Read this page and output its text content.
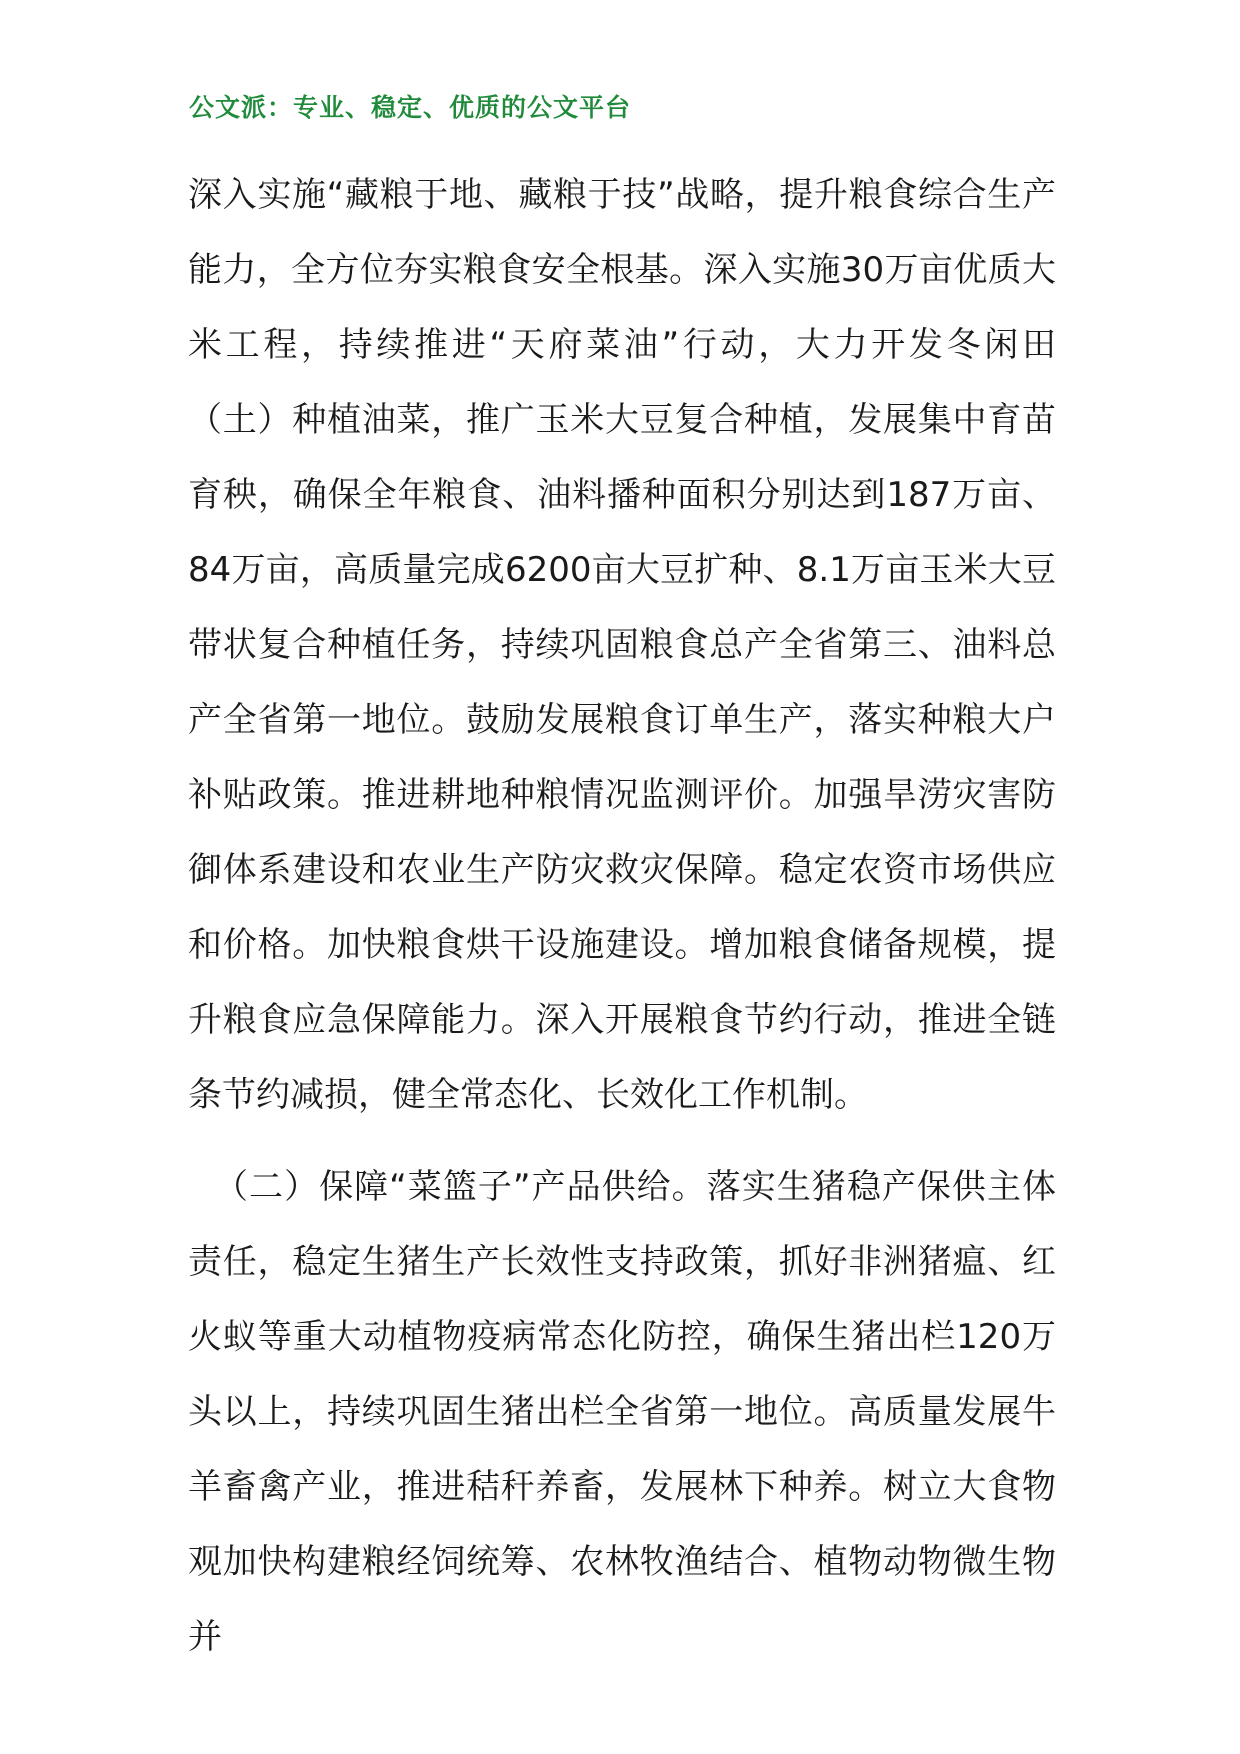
公文派：专业、稳定、优质的公文平台

深入实施“藏粮于地、藏粮于技”战略，提升粮食综合生产能力，全方位夯实粮食安全根基。深入实施30万亩优质大米工程，持续推进“天府菜油”行动，大力开发冬闲田（土）种植油菜，推广玉米大豆复合种植，发展集中育苗育秧，确保全年粮食、油料播种面积分别达到187万亩、84万亩，高质量完成6200亩大豆扩种、8.1万亩玉米大豆带状复合种植任务，持续巩固粮食总产全省第三、油料总产全省第一地位。鼓励发展粮食订单生产，落实种粮大户补贴政策。推进耕地种粮情况监测评价。加强旱涝灾害防御体系建设和农业生产防灾救灾保障。稳定农资市场供应和价格。加快粮食烘干设施建设。增加粮食储备规模，提升粮食应急保障能力。深入开展粮食节约行动，推进全链条节约减损，健全常态化、长效化工作机制。

（二）保障“菜篮子”产品供给。落实生猪稳产保供主体责任，稳定生猪生产长效性支持政策，抓好非洲猪瘟、红火蚁等重大动植物疫病常态化防控，确保生猪出栏120万头以上，持续巩固生猪出栏全省第一地位。高质量发展牛羊畜禽产业，推进秸秆养畜，发展林下种养。树立大食物观加快构建粮经饲统筹、农林牧渔结合、植物动物微生物并
